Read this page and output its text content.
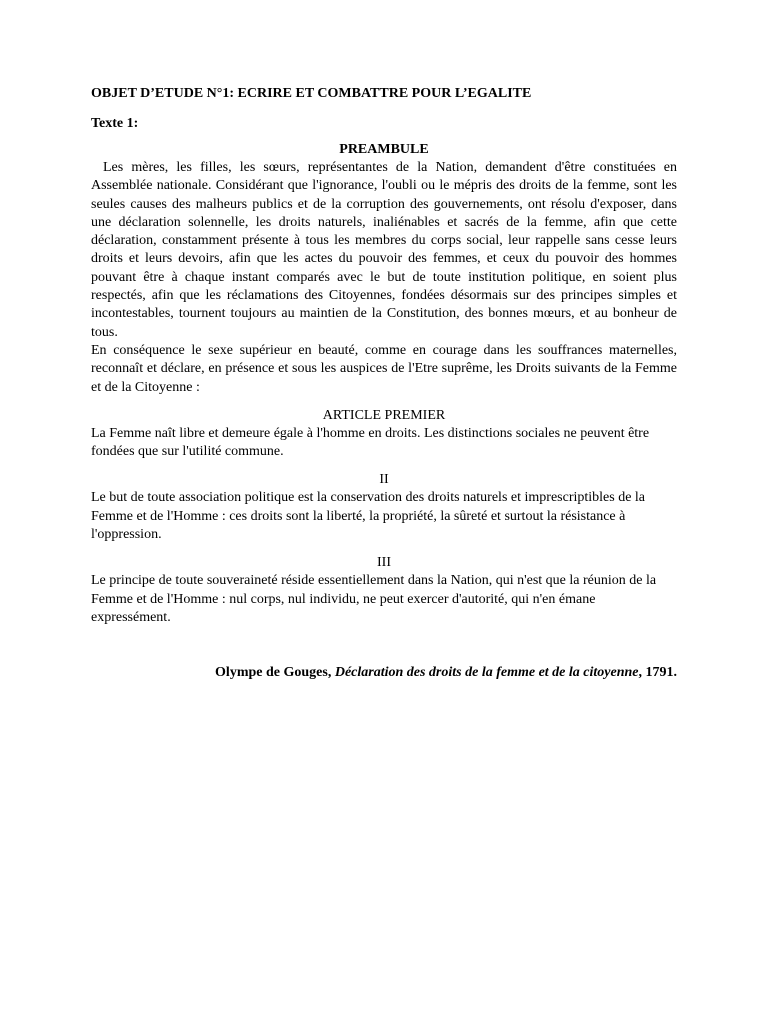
OBJET D’ETUDE N°1: ECRIRE ET COMBATTRE POUR L’EGALITE
Texte 1:
PREAMBULE

Les mères, les filles, les sœurs, représentantes de la Nation, demandent d'être constituées en Assemblée nationale. Considérant que l'ignorance, l'oubli ou le mépris des droits de la femme, sont les seules causes des malheurs publics et de la corruption des gouvernements, ont résolu d'exposer, dans une déclaration solennelle, les droits naturels, inaliénables et sacrés de la femme, afin que cette déclaration, constamment présente à tous les membres du corps social, leur rappelle sans cesse leurs droits et leurs devoirs, afin que les actes du pouvoir des femmes, et ceux du pouvoir des hommes pouvant être à chaque instant comparés avec le but de toute institution politique, en soient plus respectés, afin que les réclamations des Citoyennes, fondées désormais sur des principes simples et incontestables, tournent toujours au maintien de la Constitution, des bonnes mœurs, et au bonheur de tous.

En conséquence le sexe supérieur en beauté, comme en courage dans les souffrances maternelles, reconnaît et déclare, en présence et sous les auspices de l'Etre suprême, les Droits suivants de la Femme et de la Citoyenne :

ARTICLE PREMIER

La Femme naît libre et demeure égale à l'homme en droits. Les distinctions sociales ne peuvent être fondées que sur l'utilité commune.

II

Le but de toute association politique est la conservation des droits naturels et imprescriptibles de la Femme et de l'Homme : ces droits sont la liberté, la propriété, la sûreté et surtout la résistance à l'oppression.

III

Le principe de toute souveraineté réside essentiellement dans la Nation, qui n'est que la réunion de la Femme et de l'Homme : nul corps, nul individu, ne peut exercer d'autorité, qui n'en émane expressément.

Olympe de Gouges, Déclaration des droits de la femme et de la citoyenne, 1791.
